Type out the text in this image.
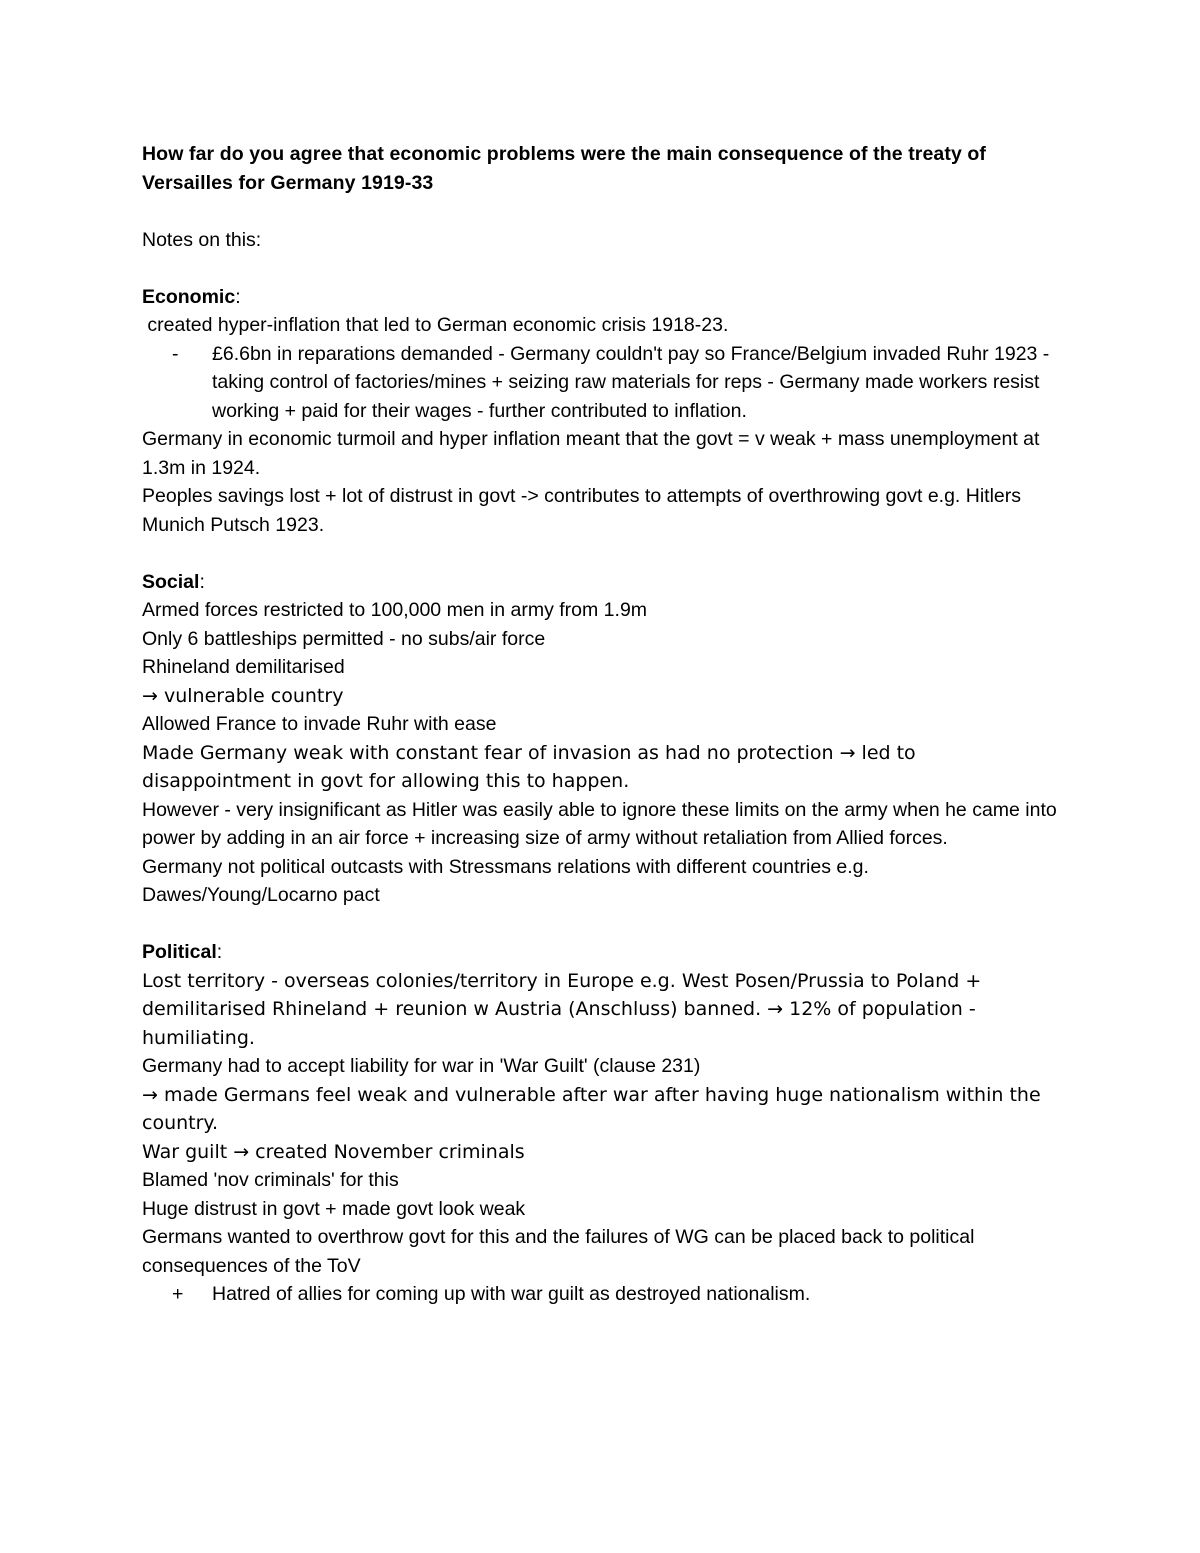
How far do you agree that economic problems were the main consequence of the treaty of Versailles for Germany 1919-33

Notes on this:

Economic:

created hyper-inflation that led to German economic crisis 1918-23.

-	£6.6bn in reparations demanded - Germany couldn't pay so France/Belgium invaded Ruhr 1923 - taking control of factories/mines + seizing raw materials for reps - Germany made workers resist working + paid for their wages - further contributed to inflation.

Germany in economic turmoil and hyper inflation meant that the govt = v weak + mass unemployment at 1.3m in 1924.

Peoples savings lost + lot of distrust in govt -> contributes to attempts of overthrowing govt e.g. Hitlers Munich Putsch 1923.

Social:

Armed forces restricted to 100,000 men in army from 1.9m

Only 6 battleships permitted - no subs/air force

Rhineland demilitarised

→ vulnerable country

Allowed France to invade Ruhr with ease

Made Germany weak with constant fear of invasion as had no protection → led to disappointment in govt for allowing this to happen.

However - very insignificant as Hitler was easily able to ignore these limits on the army when he came into power by adding in an air force + increasing size of army without retaliation from Allied forces.

Germany not political outcasts with Stressmans relations with different countries e.g. Dawes/Young/Locarno pact

Political:

Lost territory - overseas colonies/territory in Europe e.g. West Posen/Prussia to Poland + demilitarised Rhineland + reunion w Austria (Anschluss) banned. → 12% of population - humiliating.

Germany had to accept liability for war in 'War Guilt' (clause 231)

→ made Germans feel weak and vulnerable after war after having huge nationalism within the country.

War guilt → created November criminals

Blamed 'nov criminals' for this

Huge distrust in govt + made govt look weak

Germans wanted to overthrow govt for this and the failures of WG can be placed back to political consequences of the ToV

+	Hatred of allies for coming up with war guilt as destroyed nationalism.
